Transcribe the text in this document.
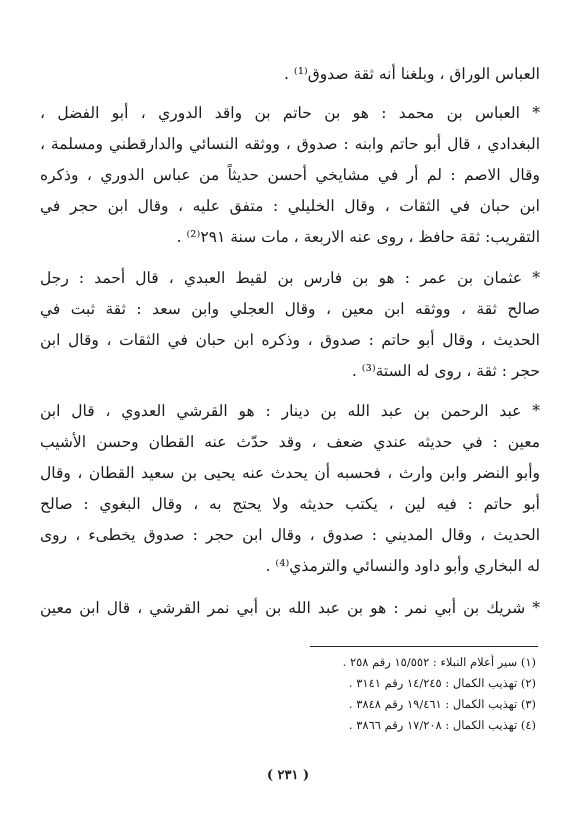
العباس الوراق ، وبلغنا أنه ثقة صدوق⁽¹⁾ .
* العباس بن محمد : هو بن حاتم بن واقد الدوري ، أبو الفضل ،
البغدادي ، قال أبو حاتم وابنه : صدوق ، ووثقه النسائي والدارقطني ومسلمة ،
وقال الاصم : لم أر في مشايخي أحسن حديثاً من عباس الدوري ، وذكره
ابن حبان في الثقات ، وقال الخليلي : متفق عليه ، وقال ابن حجر في
التقريب: ثقة حافظ ، روى عنه الاربعة ، مات سنة ٢٩١⁽²⁾ .
* عثمان بن عمر : هو بن فارس بن لقيط العبدي ، قال أحمد : رجل
صالح ثقة ، ووثقه ابن معين ، وقال العجلي وابن سعد : ثقة ثبت في
الحديث ، وقال أبو حاتم : صدوق ، وذكره ابن حبان في الثقات ، وقال ابن
حجر : ثقة ، روى له الستة⁽³⁾ .
* عبد الرحمن بن عبد الله بن دينار : هو القرشي العدوي ، قال ابن
معين : في حديثه عندي ضعف ، وقد حدّث عنه القطان وحسن الأشيب
وأبو النضر وابن وارث ، فحسبه أن يحدث عنه يحيى بن سعيد القطان ، وقال
أبو حاتم : فيه لين ، يكتب حديثه ولا يحتج به ، وقال البغوي : صالح
الحديث ، وقال المديني : صدوق ، وقال ابن حجر : صدوق يخطىء ، روى
له البخاري وأبو داود والنسائي والترمذي⁽⁴⁾ .
* شريك بن أبي نمر : هو بن عبد الله بن أبي نمر القرشي ، قال ابن معين
(١) سير أعلام النبلاء : ١٥/٥٥٢ رقم ٢٥٨ .
(٢) تهذيب الكمال : ١٤/٢٤٥ رقم ٣١٤١ .
(٣) تهذيب الكمال : ١٩/٤٦١ رقم ٣٨٤٨ .
(٤) تهذيب الكمال : ١٧/٢٠٨ رقم ٣٨٦٦ .
( ٢٣١ )
